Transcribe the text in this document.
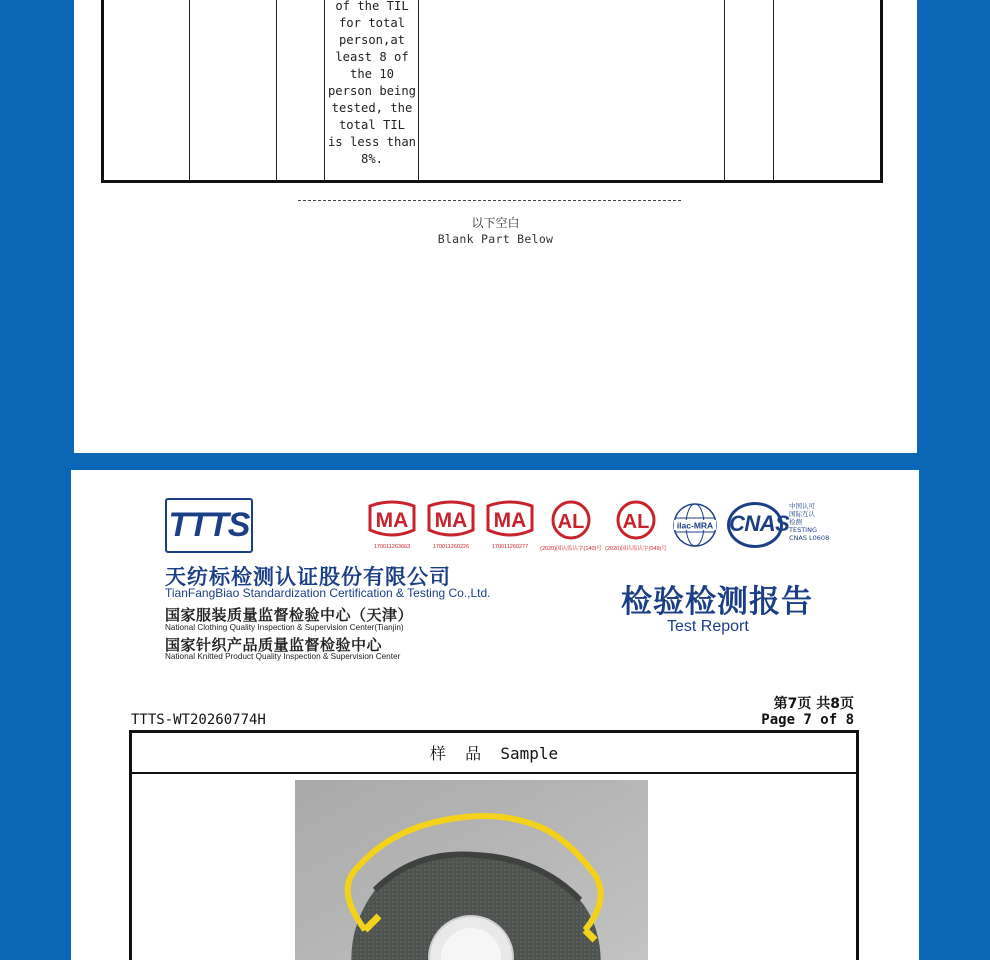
of the TIL
for total
person,at
least 8 of
the 10
person being
tested, the
total TIL
is less than
8%.
以下空白
Blank Part Below
TTTS
天纺标检测认证股份有限公司
TianFangBiao Standardization Certification & Testing Co.,Ltd.
国家服装质量监督检验中心（天津）
National Clothing Quality Inspection & Supervision Center(Tianjin)
国家针织产品质量监督检验中心
National Knitted Product Quality Inspection & Supervision Center
MA
170011263663
MA
170011260226
MA
170011260277
AL
(2020)国认监认字(140)号
AL
(2020)国认监认字(049)号
ilac-MRA CNAS
中国认可
国际互认
检测
TESTING
CNAS L0608
检验检测报告
Test Report
第7页 共8页
Page 7 of 8
TTTS-WT20260774H
样  品  Sample
